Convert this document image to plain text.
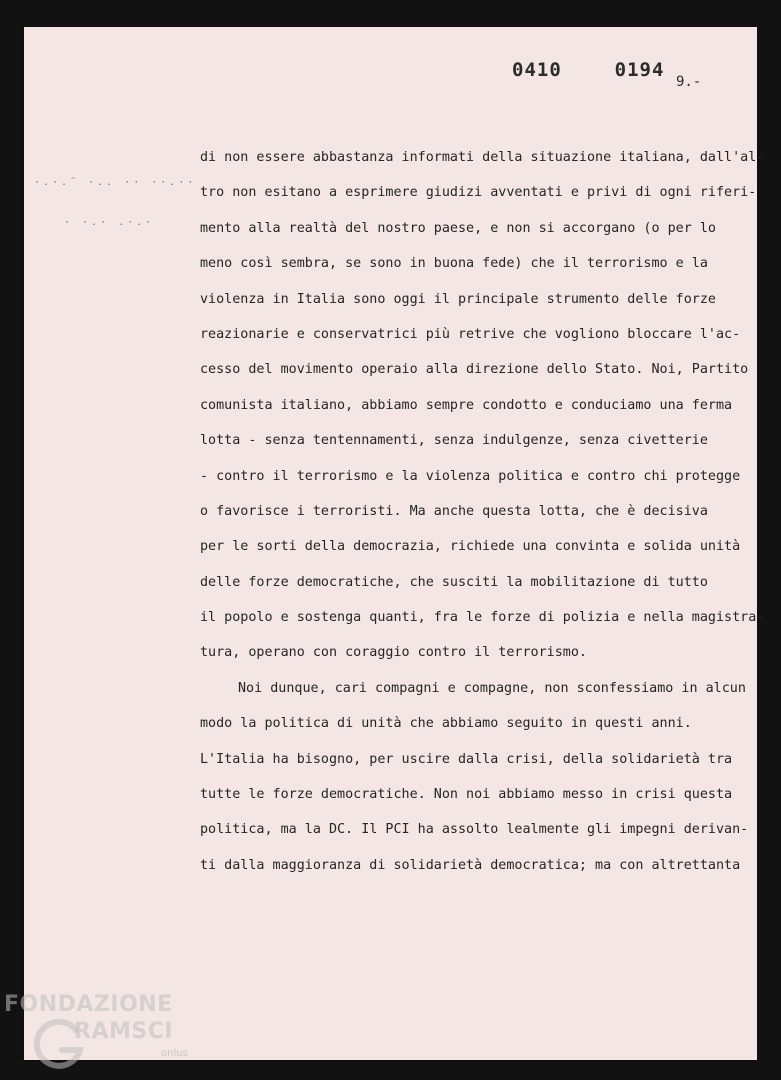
0410  0194
9.-
·.·.¨ ·.. ·· ··.··
· ·.· .·.·
di non essere abbastanza informati della situazione italiana, dall'al-
tro non esitano a esprimere giudizi avventati e privi di ogni riferi-
mento alla realtà del nostro paese, e non si accorgano (o per lo
meno così sembra, se sono in buona fede) che il terrorismo e la
violenza in Italia sono oggi il principale strumento delle forze
reazionarie e conservatrici più retrive che vogliono bloccare l'ac-
cesso del movimento operaio alla direzione dello Stato. Noi, Partito
comunista italiano, abbiamo sempre condotto e conduciamo una ferma
lotta - senza tentennamenti, senza indulgenze, senza civetterie
- contro il terrorismo e la violenza politica e contro chi protegge
o favorisce i terroristi. Ma anche questa lotta, che è decisiva
per le sorti della democrazia, richiede una convinta e solida unità
delle forze democratiche, che susciti la mobilitazione di tutto
il popolo e sostenga quanti, fra le forze di polizia e nella magistra-
tura, operano con coraggio contro il terrorismo.
Noi dunque, cari compagni e compagne, non sconfessiamo in alcun
modo la politica di unità che abbiamo seguito in questi anni.
L'Italia ha bisogno, per uscire dalla crisi, della solidarietà tra
tutte le forze democratiche. Non noi abbiamo messo in crisi questa
politica, ma la DC. Il PCI ha assolto lealmente gli impegni derivan-
ti dalla maggioranza di solidarietà democratica; ma con altrettanta
FONDAZIONE
RAMSCI
onlus
